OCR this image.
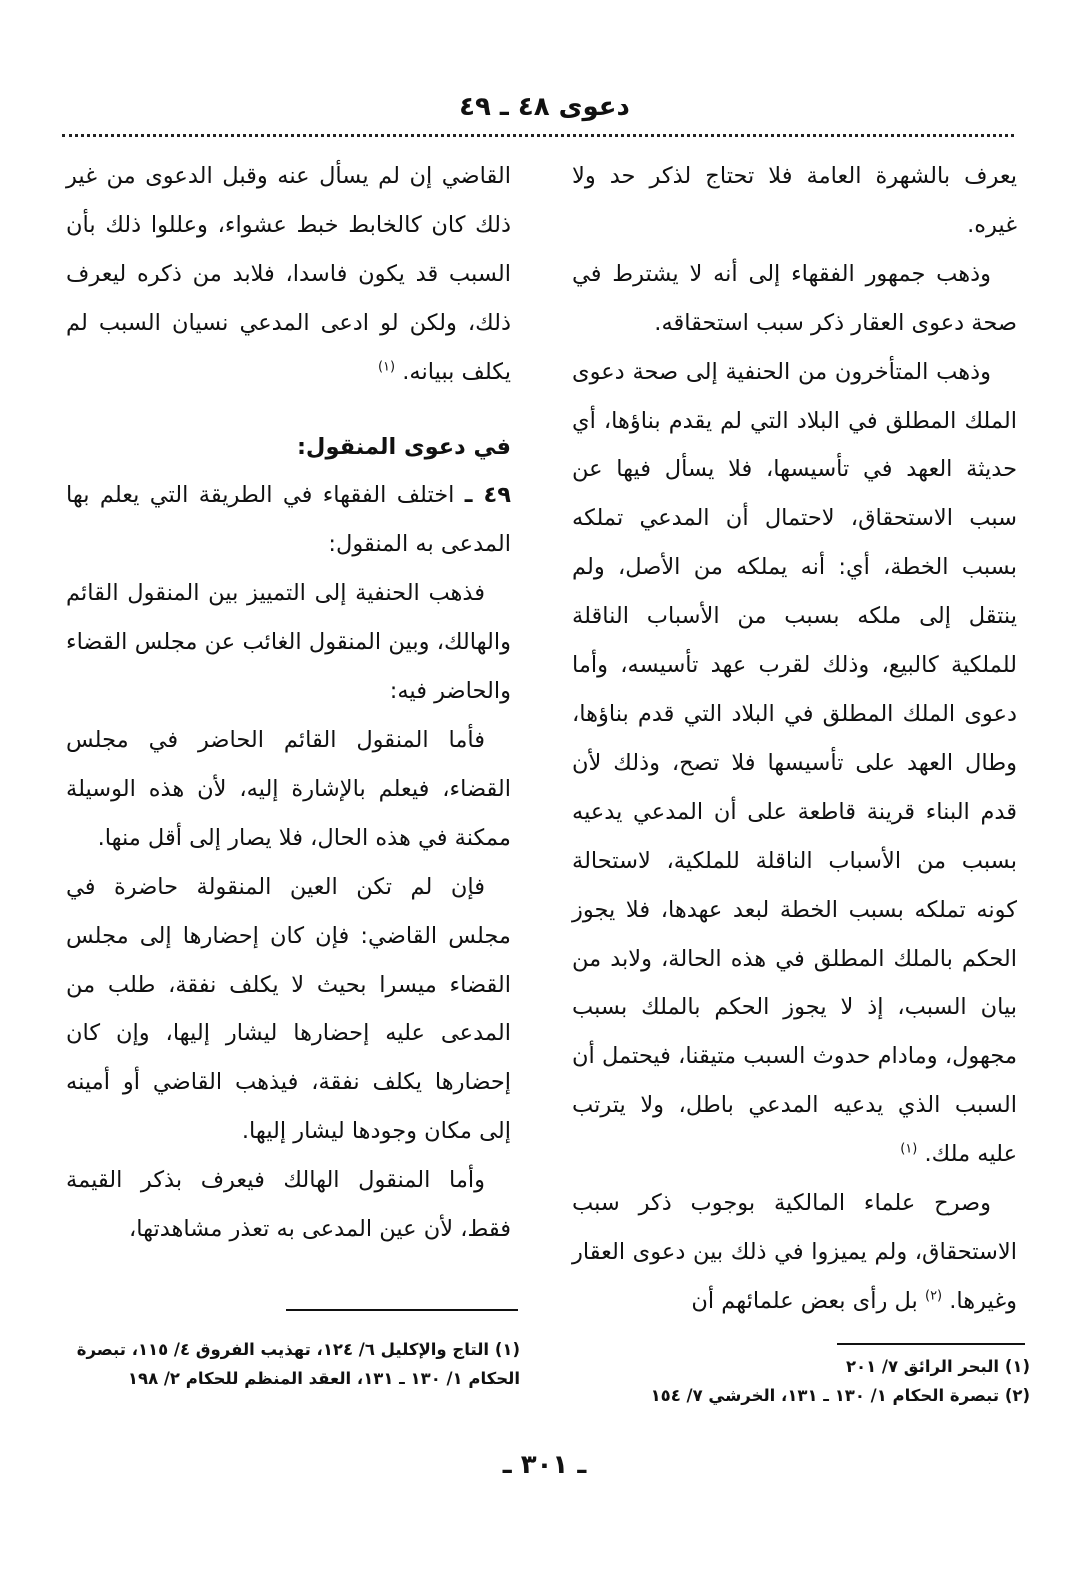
دعوى ٤٨ ـ ٤٩

يعرف بالشهرة العامة فلا تحتاج لذكر حد ولا غيره.

وذهب جمهور الفقهاء إلى أنه لا يشترط في صحة دعوى العقار ذكر سبب استحقاقه.

وذهب المتأخرون من الحنفية إلى صحة دعوى الملك المطلق في البلاد التي لم يقدم بناؤها، أي حديثة العهد في تأسيسها، فلا يسأل فيها عن سبب الاستحقاق، لاحتمال أن المدعي تملكه بسبب الخطة، أي: أنه يملكه من الأصل، ولم ينتقل إلى ملكه بسبب من الأسباب الناقلة للملكية كالبيع، وذلك لقرب عهد تأسيسه، وأما دعوى الملك المطلق في البلاد التي قدم بناؤها، وطال العهد على تأسيسها فلا تصح، وذلك لأن قدم البناء قرينة قاطعة على أن المدعي يدعيه بسبب من الأسباب الناقلة للملكية، لاستحالة كونه تملكه بسبب الخطة لبعد عهدها، فلا يجوز الحكم بالملك المطلق في هذه الحالة، ولابد من بيان السبب، إذ لا يجوز الحكم بالملك بسبب مجهول، ومادام حدوث السبب متيقنا، فيحتمل أن السبب الذي يدعيه المدعي باطل، ولا يترتب عليه ملك. $^{(١)}$

وصرح علماء المالكية بوجوب ذكر سبب الاستحقاق، ولم يميزوا في ذلك بين دعوى العقار وغيرها. $^{(٢)}$ بل رأى بعض علمائهم أن

القاضي إن لم يسأل عنه وقبل الدعوى من غير ذلك كان كالخابط خبط عشواء، وعللوا ذلك بأن السبب قد يكون فاسدا، فلابد من ذكره ليعرف ذلك، ولكن لو ادعى المدعي نسيان السبب لم يكلف ببيانه. $^{(١)}$

في دعوى المنقول:

٤٩ ـ اختلف الفقهاء في الطريقة التي يعلم بها المدعى به المنقول:

فذهب الحنفية إلى التمييز بين المنقول القائم والهالك، وبين المنقول الغائب عن مجلس القضاء والحاضر فيه:

فأما المنقول القائم الحاضر في مجلس القضاء، فيعلم بالإشارة إليه، لأن هذه الوسيلة ممكنة في هذه الحال، فلا يصار إلى أقل منها.

فإن لم تكن العين المنقولة حاضرة في مجلس القاضي: فإن كان إحضارها إلى مجلس القضاء ميسرا بحيث لا يكلف نفقة، طلب من المدعى عليه إحضارها ليشار إليها، وإن كان إحضارها يكلف نفقة، فيذهب القاضي أو أمينه إلى مكان وجودها ليشار إليها.

وأما المنقول الهالك فيعرف بذكر القيمة فقط، لأن عين المدعى به تعذر مشاهدتها،

(١) البحر الرائق ٧/ ٢٠١

(٢) تبصرة الحكام ١/ ١٣٠ ـ ١٣١، الخرشي ٧/ ١٥٤

(١) التاج والإكليل ٦/ ١٢٤، تهذيب الفروق ٤/ ١١٥، تبصرة الحكام ١/ ١٣٠ ـ ١٣١، العقد المنظم للحكام ٢/ ١٩٨

ـ ٣٠١ ـ
